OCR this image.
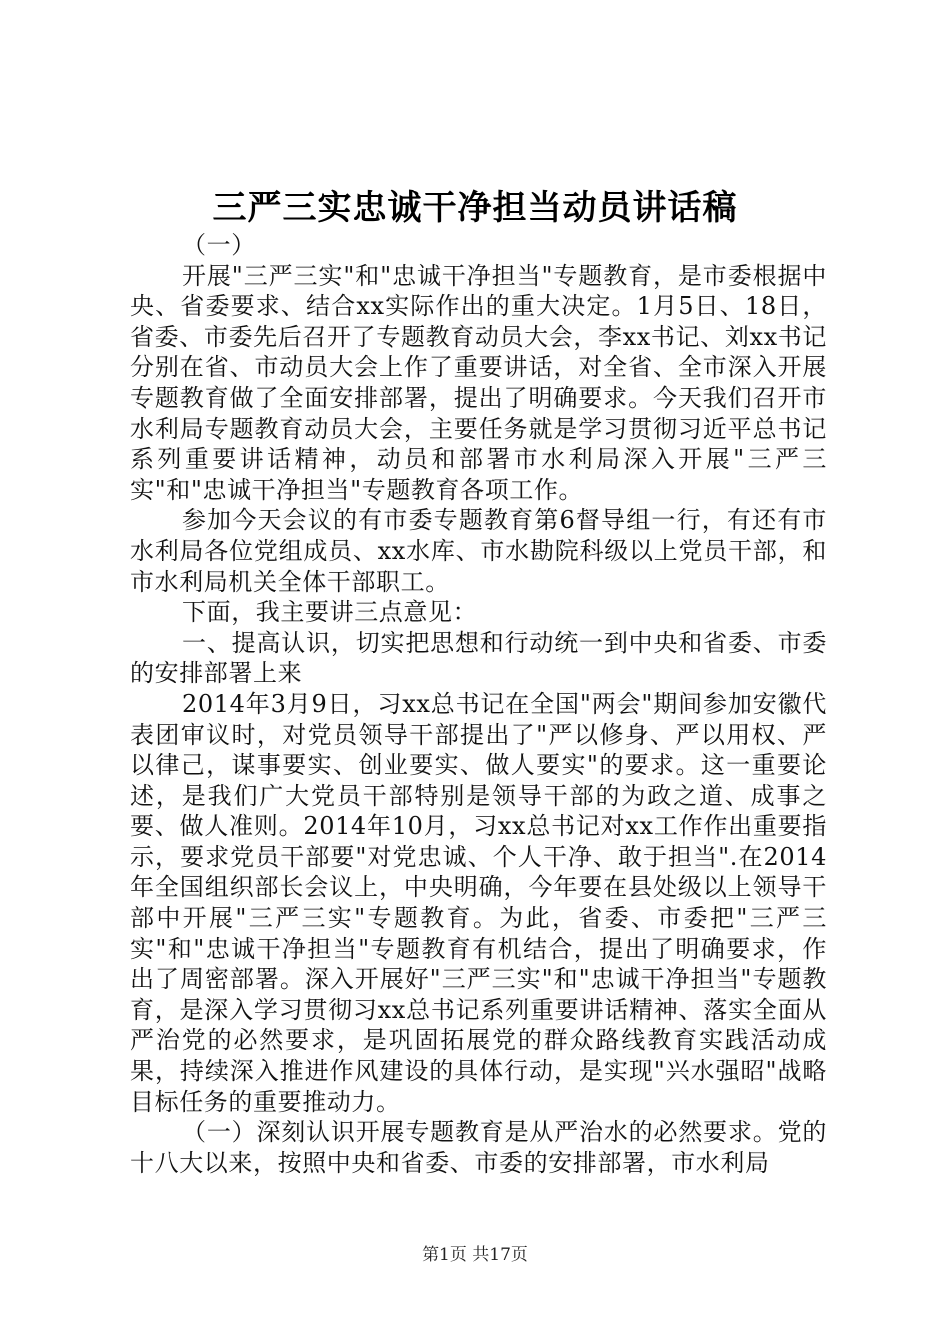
三严三实忠诚干净担当动员讲话稿

（一）

开展"三严三实"和"忠诚干净担当"专题教育，是市委根据中央、省委要求、结合xx实际作出的重大决定。1月5日、18日，省委、市委先后召开了专题教育动员大会，李xx书记、刘xx书记分别在省、市动员大会上作了重要讲话，对全省、全市深入开展专题教育做了全面安排部署，提出了明确要求。今天我们召开市水利局专题教育动员大会，主要任务就是学习贯彻习近平总书记系列重要讲话精神，动员和部署市水利局深入开展"三严三实"和"忠诚干净担当"专题教育各项工作。

参加今天会议的有市委专题教育第6督导组一行，有还有市水利局各位党组成员、xx水库、市水勘院科级以上党员干部，和市水利局机关全体干部职工。

下面，我主要讲三点意见：

一、提高认识，切实把思想和行动统一到中央和省委、市委的安排部署上来

2014年3月9日，习xx总书记在全国"两会"期间参加安徽代表团审议时，对党员领导干部提出了"严以修身、严以用权、严以律己，谋事要实、创业要实、做人要实"的要求。这一重要论述，是我们广大党员干部特别是领导干部的为政之道、成事之要、做人准则。2014年10月，习xx总书记对xx工作作出重要指示，要求党员干部要"对党忠诚、个人干净、敢于担当".在2014年全国组织部长会议上，中央明确，今年要在县处级以上领导干部中开展"三严三实"专题教育。为此，省委、市委把"三严三实"和"忠诚干净担当"专题教育有机结合，提出了明确要求，作出了周密部署。深入开展好"三严三实"和"忠诚干净担当"专题教育，是深入学习贯彻习xx总书记系列重要讲话精神、落实全面从严治党的必然要求，是巩固拓展党的群众路线教育实践活动成果，持续深入推进作风建设的具体行动，是实现"兴水强昭"战略目标任务的重要推动力。

（一）深刻认识开展专题教育是从严治水的必然要求。党的十八大以来，按照中央和省委、市委的安排部署，市水利局

第1页 共17页
